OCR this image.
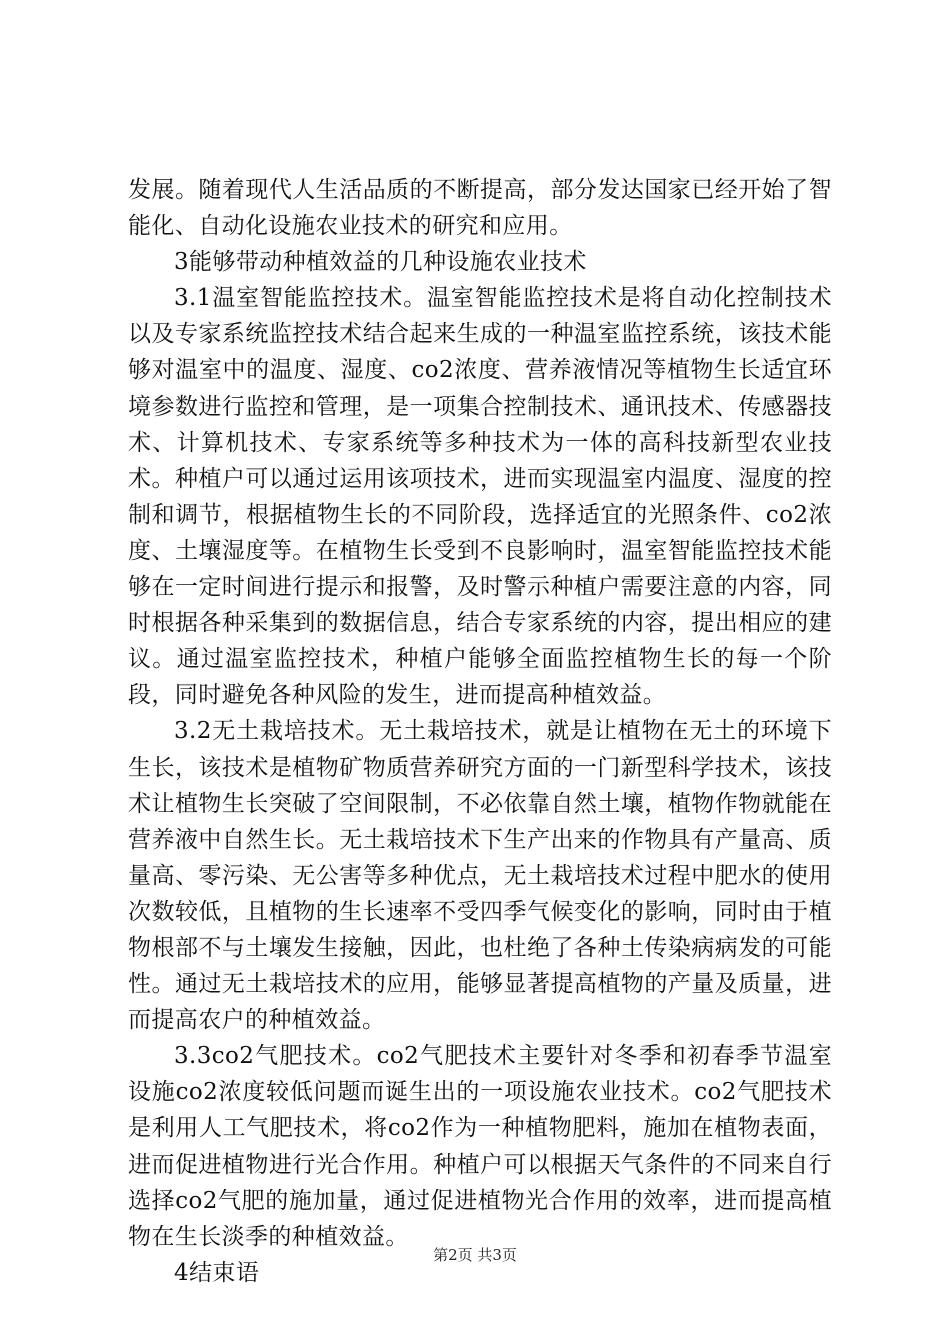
发展。随着现代人生活品质的不断提高，部分发达国家已经开始了智能化、自动化设施农业技术的研究和应用。

3能够带动种植效益的几种设施农业技术

3.1温室智能监控技术。温室智能监控技术是将自动化控制技术以及专家系统监控技术结合起来生成的一种温室监控系统，该技术能够对温室中的温度、湿度、co2浓度、营养液情况等植物生长适宜环境参数进行监控和管理，是一项集合控制技术、通讯技术、传感器技术、计算机技术、专家系统等多种技术为一体的高科技新型农业技术。种植户可以通过运用该项技术，进而实现温室内温度、湿度的控制和调节，根据植物生长的不同阶段，选择适宜的光照条件、co2浓度、土壤湿度等。在植物生长受到不良影响时，温室智能监控技术能够在一定时间进行提示和报警，及时警示种植户需要注意的内容，同时根据各种采集到的数据信息，结合专家系统的内容，提出相应的建议。通过温室监控技术，种植户能够全面监控植物生长的每一个阶段，同时避免各种风险的发生，进而提高种植效益。

3.2无土栽培技术。无土栽培技术，就是让植物在无土的环境下生长，该技术是植物矿物质营养研究方面的一门新型科学技术，该技术让植物生长突破了空间限制，不必依靠自然土壤，植物作物就能在营养液中自然生长。无土栽培技术下生产出来的作物具有产量高、质量高、零污染、无公害等多种优点，无土栽培技术过程中肥水的使用次数较低，且植物的生长速率不受四季气候变化的影响，同时由于植物根部不与土壤发生接触，因此，也杜绝了各种土传染病病发的可能性。通过无土栽培技术的应用，能够显著提高植物的产量及质量，进而提高农户的种植效益。

3.3co2气肥技术。co2气肥技术主要针对冬季和初春季节温室设施co2浓度较低问题而诞生出的一项设施农业技术。co2气肥技术是利用人工气肥技术，将co2作为一种植物肥料，施加在植物表面，进而促进植物进行光合作用。种植户可以根据天气条件的不同来自行选择co2气肥的施加量，通过促进植物光合作用的效率，进而提高植物在生长淡季的种植效益。

4结束语

第2页 共3页
